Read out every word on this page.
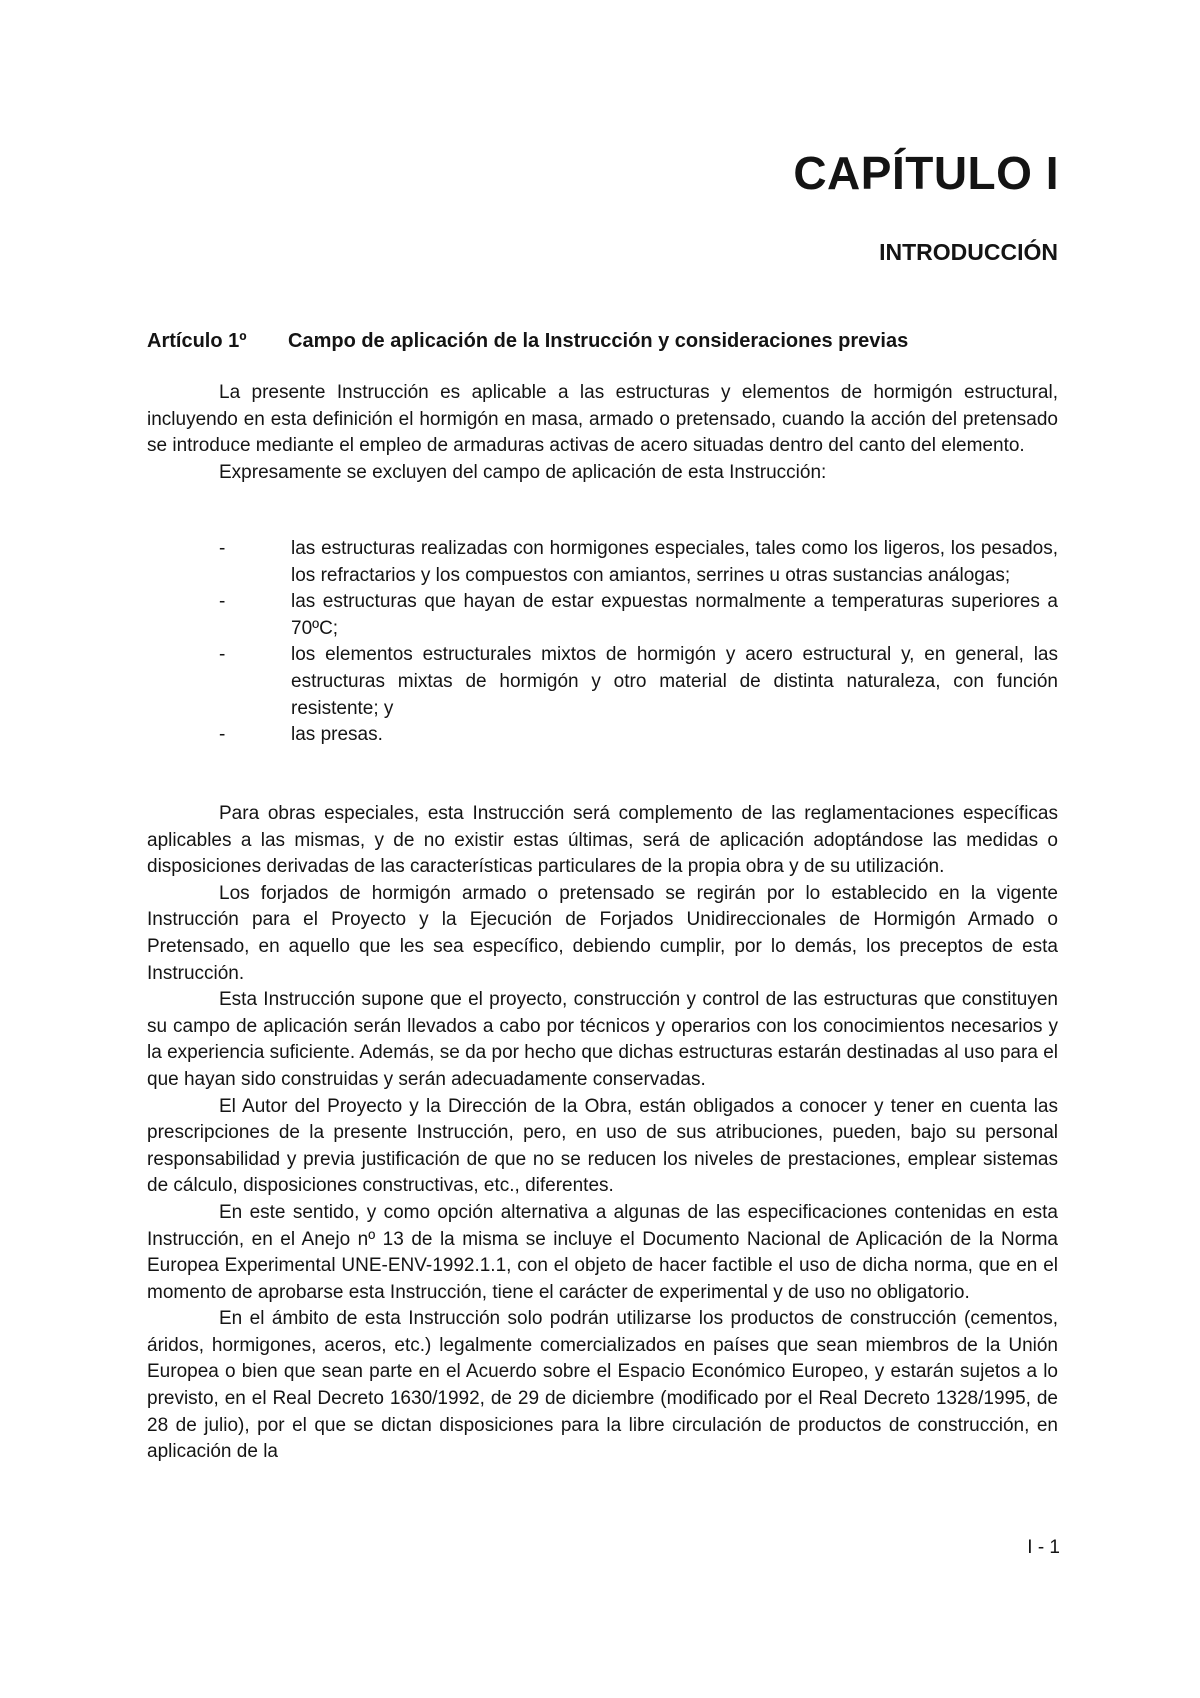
CAPÍTULO I
INTRODUCCIÓN
Artículo 1º Campo de aplicación de la Instrucción y consideraciones previas

La presente Instrucción es aplicable a las estructuras y elementos de hormigón estructural, incluyendo en esta definición el hormigón en masa, armado o pretensado, cuando la acción del pretensado se introduce mediante el empleo de armaduras activas de acero situadas dentro del canto del elemento.

Expresamente se excluyen del campo de aplicación de esta Instrucción:

-	las estructuras realizadas con hormigones especiales, tales como los ligeros, los pesados, los refractarios y los compuestos con amiantos, serrines u otras sustancias análogas;
-	las estructuras que hayan de estar expuestas normalmente a temperaturas superiores a 70ºC;
-	los elementos estructurales mixtos de hormigón y acero estructural y, en general, las estructuras mixtas de hormigón y otro material de distinta naturaleza, con función resistente; y
-	las presas.

Para obras especiales, esta Instrucción será complemento de las reglamentaciones específicas aplicables a las mismas, y de no existir estas últimas, será de aplicación adoptándose las medidas o disposiciones derivadas de las características particulares de la propia obra y de su utilización.

Los forjados de hormigón armado o pretensado se regirán por lo establecido en la vigente Instrucción para el Proyecto y la Ejecución de Forjados Unidireccionales de Hormigón Armado o Pretensado, en aquello que les sea específico, debiendo cumplir, por lo demás, los preceptos de esta Instrucción.

Esta Instrucción supone que el proyecto, construcción y control de las estructuras que constituyen su campo de aplicación serán llevados a cabo por técnicos y operarios con los conocimientos necesarios y la experiencia suficiente. Además, se da por hecho que dichas estructuras estarán destinadas al uso para el que hayan sido construidas y serán adecuadamente conservadas.

El Autor del Proyecto y la Dirección de la Obra, están obligados a conocer y tener en cuenta las prescripciones de la presente Instrucción, pero, en uso de sus atribuciones, pueden, bajo su personal responsabilidad y previa justificación de que no se reducen los niveles de prestaciones, emplear sistemas de cálculo, disposiciones constructivas, etc., diferentes.

En este sentido, y como opción alternativa a algunas de las especificaciones contenidas en esta Instrucción, en el Anejo nº 13 de la misma se incluye el Documento Nacional de Aplicación de la Norma Europea Experimental UNE-ENV-1992.1.1, con el objeto de hacer factible el uso de dicha norma, que en el momento de aprobarse esta Instrucción, tiene el carácter de experimental y de uso no obligatorio.

En el ámbito de esta Instrucción solo podrán utilizarse los productos de construcción (cementos, áridos, hormigones, aceros, etc.) legalmente comercializados en países que sean miembros de la Unión Europea o bien que sean parte en el Acuerdo sobre el Espacio Económico Europeo, y estarán sujetos a lo previsto, en el Real Decreto 1630/1992, de 29 de diciembre (modificado por el Real Decreto 1328/1995, de 28 de julio), por el que se dictan disposiciones para la libre circulación de productos de construcción, en aplicación de la

I - 1
